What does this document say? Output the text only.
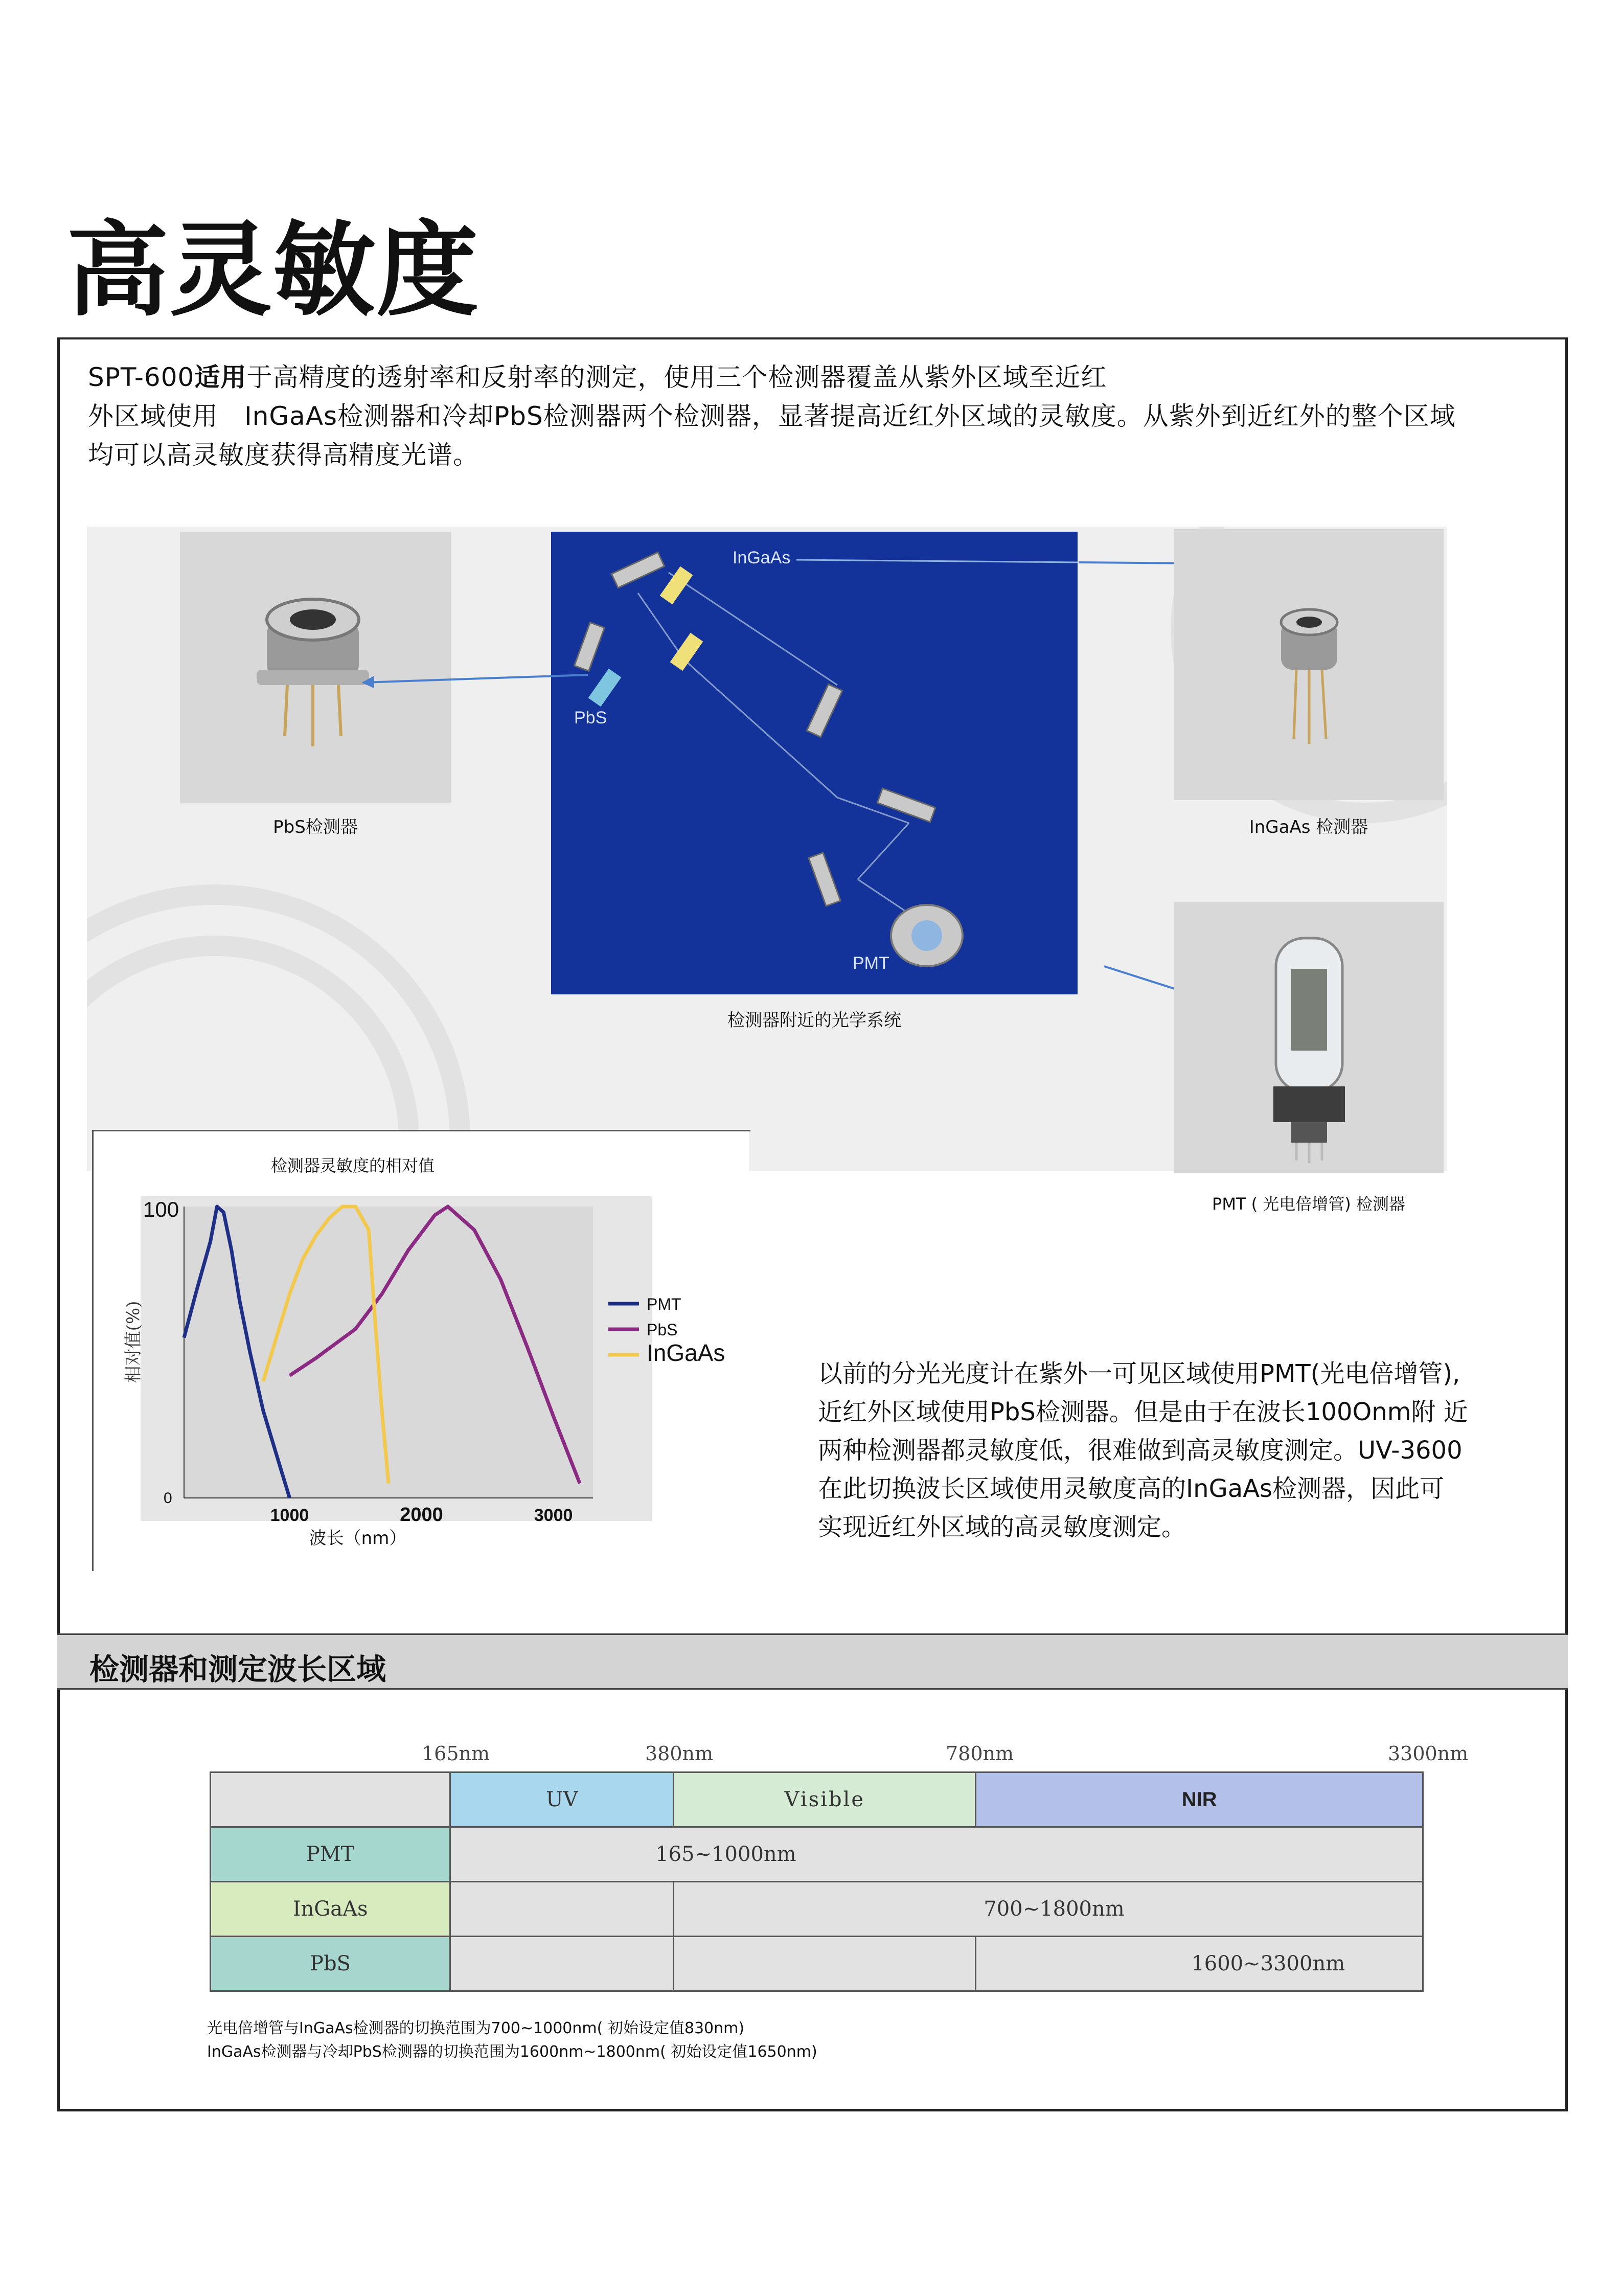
高灵敏度
SPT-600适用于高精度的透射率和反射率的测定，使用三个检测器覆盖从紫外区域至近红
外区域使用　InGaAs检测器和冷却PbS检测器两个检测器，显著提高近红外区域的灵敏度。从紫外到近红外的整个区域
均可以高灵敏度获得高精度光谱。
PbS检测器
InGaAs
PbS
PMT
检测器附近的光学系统
InGaAs 检测器
PMT ( 光电倍增管) 检测器
检测器灵敏度的相对值
0
100
1000	2000	3000
波长（nm）
相对值(%)	PMT
PbS
InGaAs
以前的分光光度计在紫外一可见区域使用PMT(光电倍增管),
近红外区域使用PbS检测器。但是由于在波长100Onm附 近
两种检测器都灵敏度低，很难做到高灵敏度测定。UV-3600
在此切换波长区域使用灵敏度高的InGaAs检测器，因此可
实现近红外区域的高灵敏度测定。
检测器和测定波长区域
165nm	380nm	780nm	3300nm
	UV	Visible	NIR
PMT	165~1000nm		
InGaAs		700~1800nm	
PbS			1600~3300nm
光电倍增管与InGaAs检测器的切换范围为700~1000nm( 初始设定值830nm)
InGaAs检测器与冷却PbS检测器的切换范围为1600nm~1800nm( 初始设定值1650nm)
